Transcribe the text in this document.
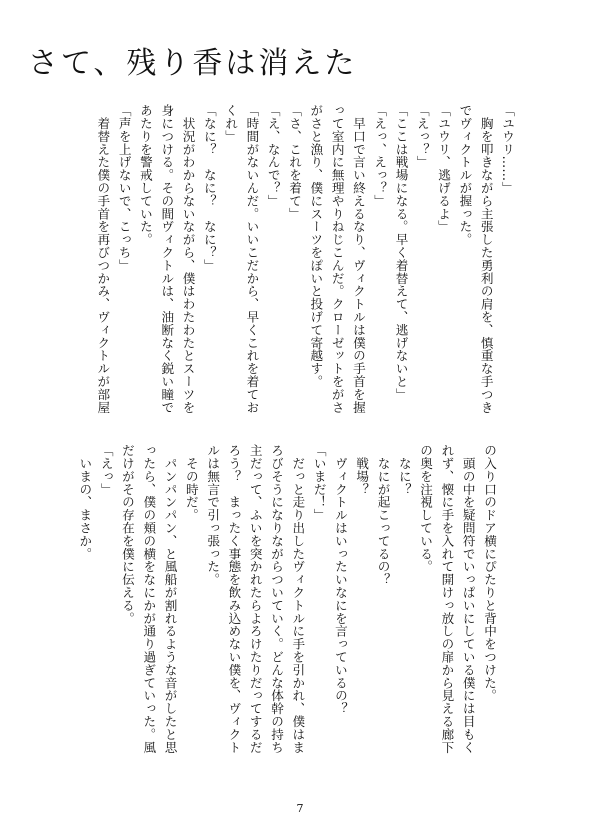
さて、残り香は消えた

「ユウリ……」

　胸を叩きながら主張した勇利の肩を、慎重な手つき

でヴィクトルが握った。

「ユウリ、逃げるよ」

「えっ？」

「ここは戦場になる。早く着替えて、逃げないと」

「えっ、えっ？」

　早口で言い終えるなり、ヴィクトルは僕の手首を握

って室内に無理やりねじこんだ。クローゼットをがさ

がさと漁り、僕にスーツをぽいと投げて寄越す。

「さ、これを着て」

「え、なんで？」

「時間がないんだ。いいこだから、早くこれを着てお

くれ」

「なに？　なに？　なに？」

　状況がわからないながら、僕はわたわたとスーツを

身につける。その間ヴィクトルは、油断なく鋭い瞳で

あたりを警戒していた。

「声を上げないで、こっち」

　着替えた僕の手首を再びつかみ、ヴィクトルが部屋

の入り口のドア横にぴたりと背中をつけた。

　頭の中を疑問符でいっぱいにしている僕には目もく

れず、懐に手を入れて開けっ放しの扉から見える廊下

の奥を注視している。

　なに？

　なにが起こってるの？

　戦場？

　ヴィクトルはいったいなにを言っているの？

「いまだ！」

　だっと走り出したヴィクトルに手を引かれ、僕はま

ろびそうになりながらついていく。どんな体幹の持ち

主だって、ふいを突かれたらよろけたりだってするだ

ろう？　まったく事態を飲み込めない僕を、ヴィクト

ルは無言で引っ張った。

　その時だ。

　パンパンパン、と風船が割れるような音がしたと思

ったら、僕の頬の横をなにかが通り過ぎていった。風

だけがその存在を僕に伝える。

「えっ」

　いまの、まさか。

7
